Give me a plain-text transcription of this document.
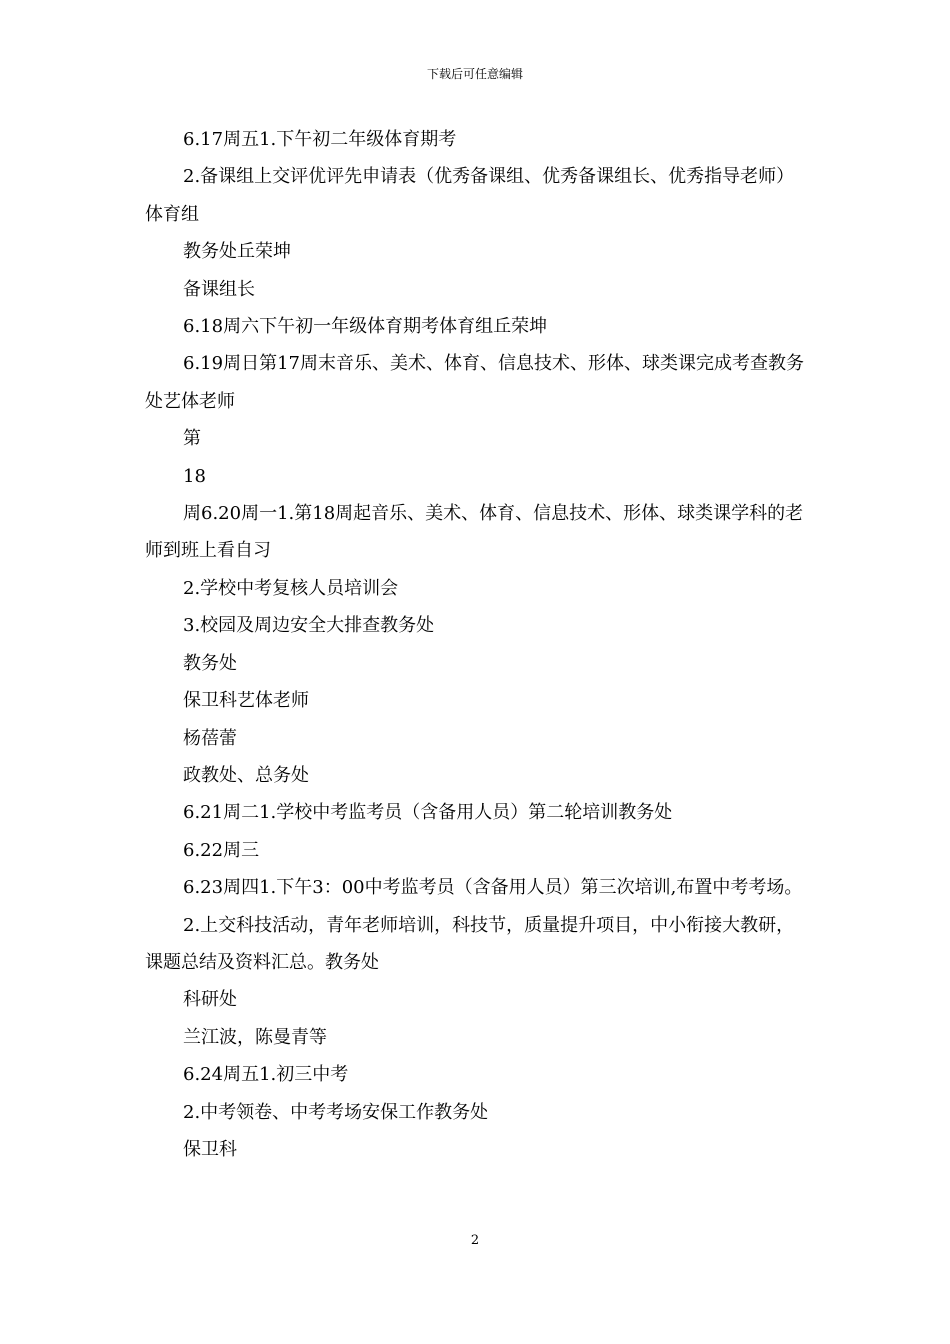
下载后可任意编辑

6.17周五1.下午初二年级体育期考

2.备课组上交评优评先申请表（优秀备课组、优秀备课组长、优秀指导老师）体育组

教务处丘荣坤

备课组长

6.18周六下午初一年级体育期考体育组丘荣坤

6.19周日第17周末音乐、美术、体育、信息技术、形体、球类课完成考查教务处艺体老师

第

18

周6.20周一1.第18周起音乐、美术、体育、信息技术、形体、球类课学科的老师到班上看自习

2.学校中考复核人员培训会

3.校园及周边安全大排查教务处

教务处

保卫科艺体老师

杨蓓蕾

政教处、总务处

6.21周二1.学校中考监考员（含备用人员）第二轮培训教务处

6.22周三

6.23周四1.下午3：00中考监考员（含备用人员）第三次培训,布置中考考场。

2.上交科技活动，青年老师培训，科技节，质量提升项目，中小衔接大教研，课题总结及资料汇总。教务处

科研处

兰江波，陈曼青等

6.24周五1.初三中考

2.中考领卷、中考考场安保工作教务处

保卫科

2
